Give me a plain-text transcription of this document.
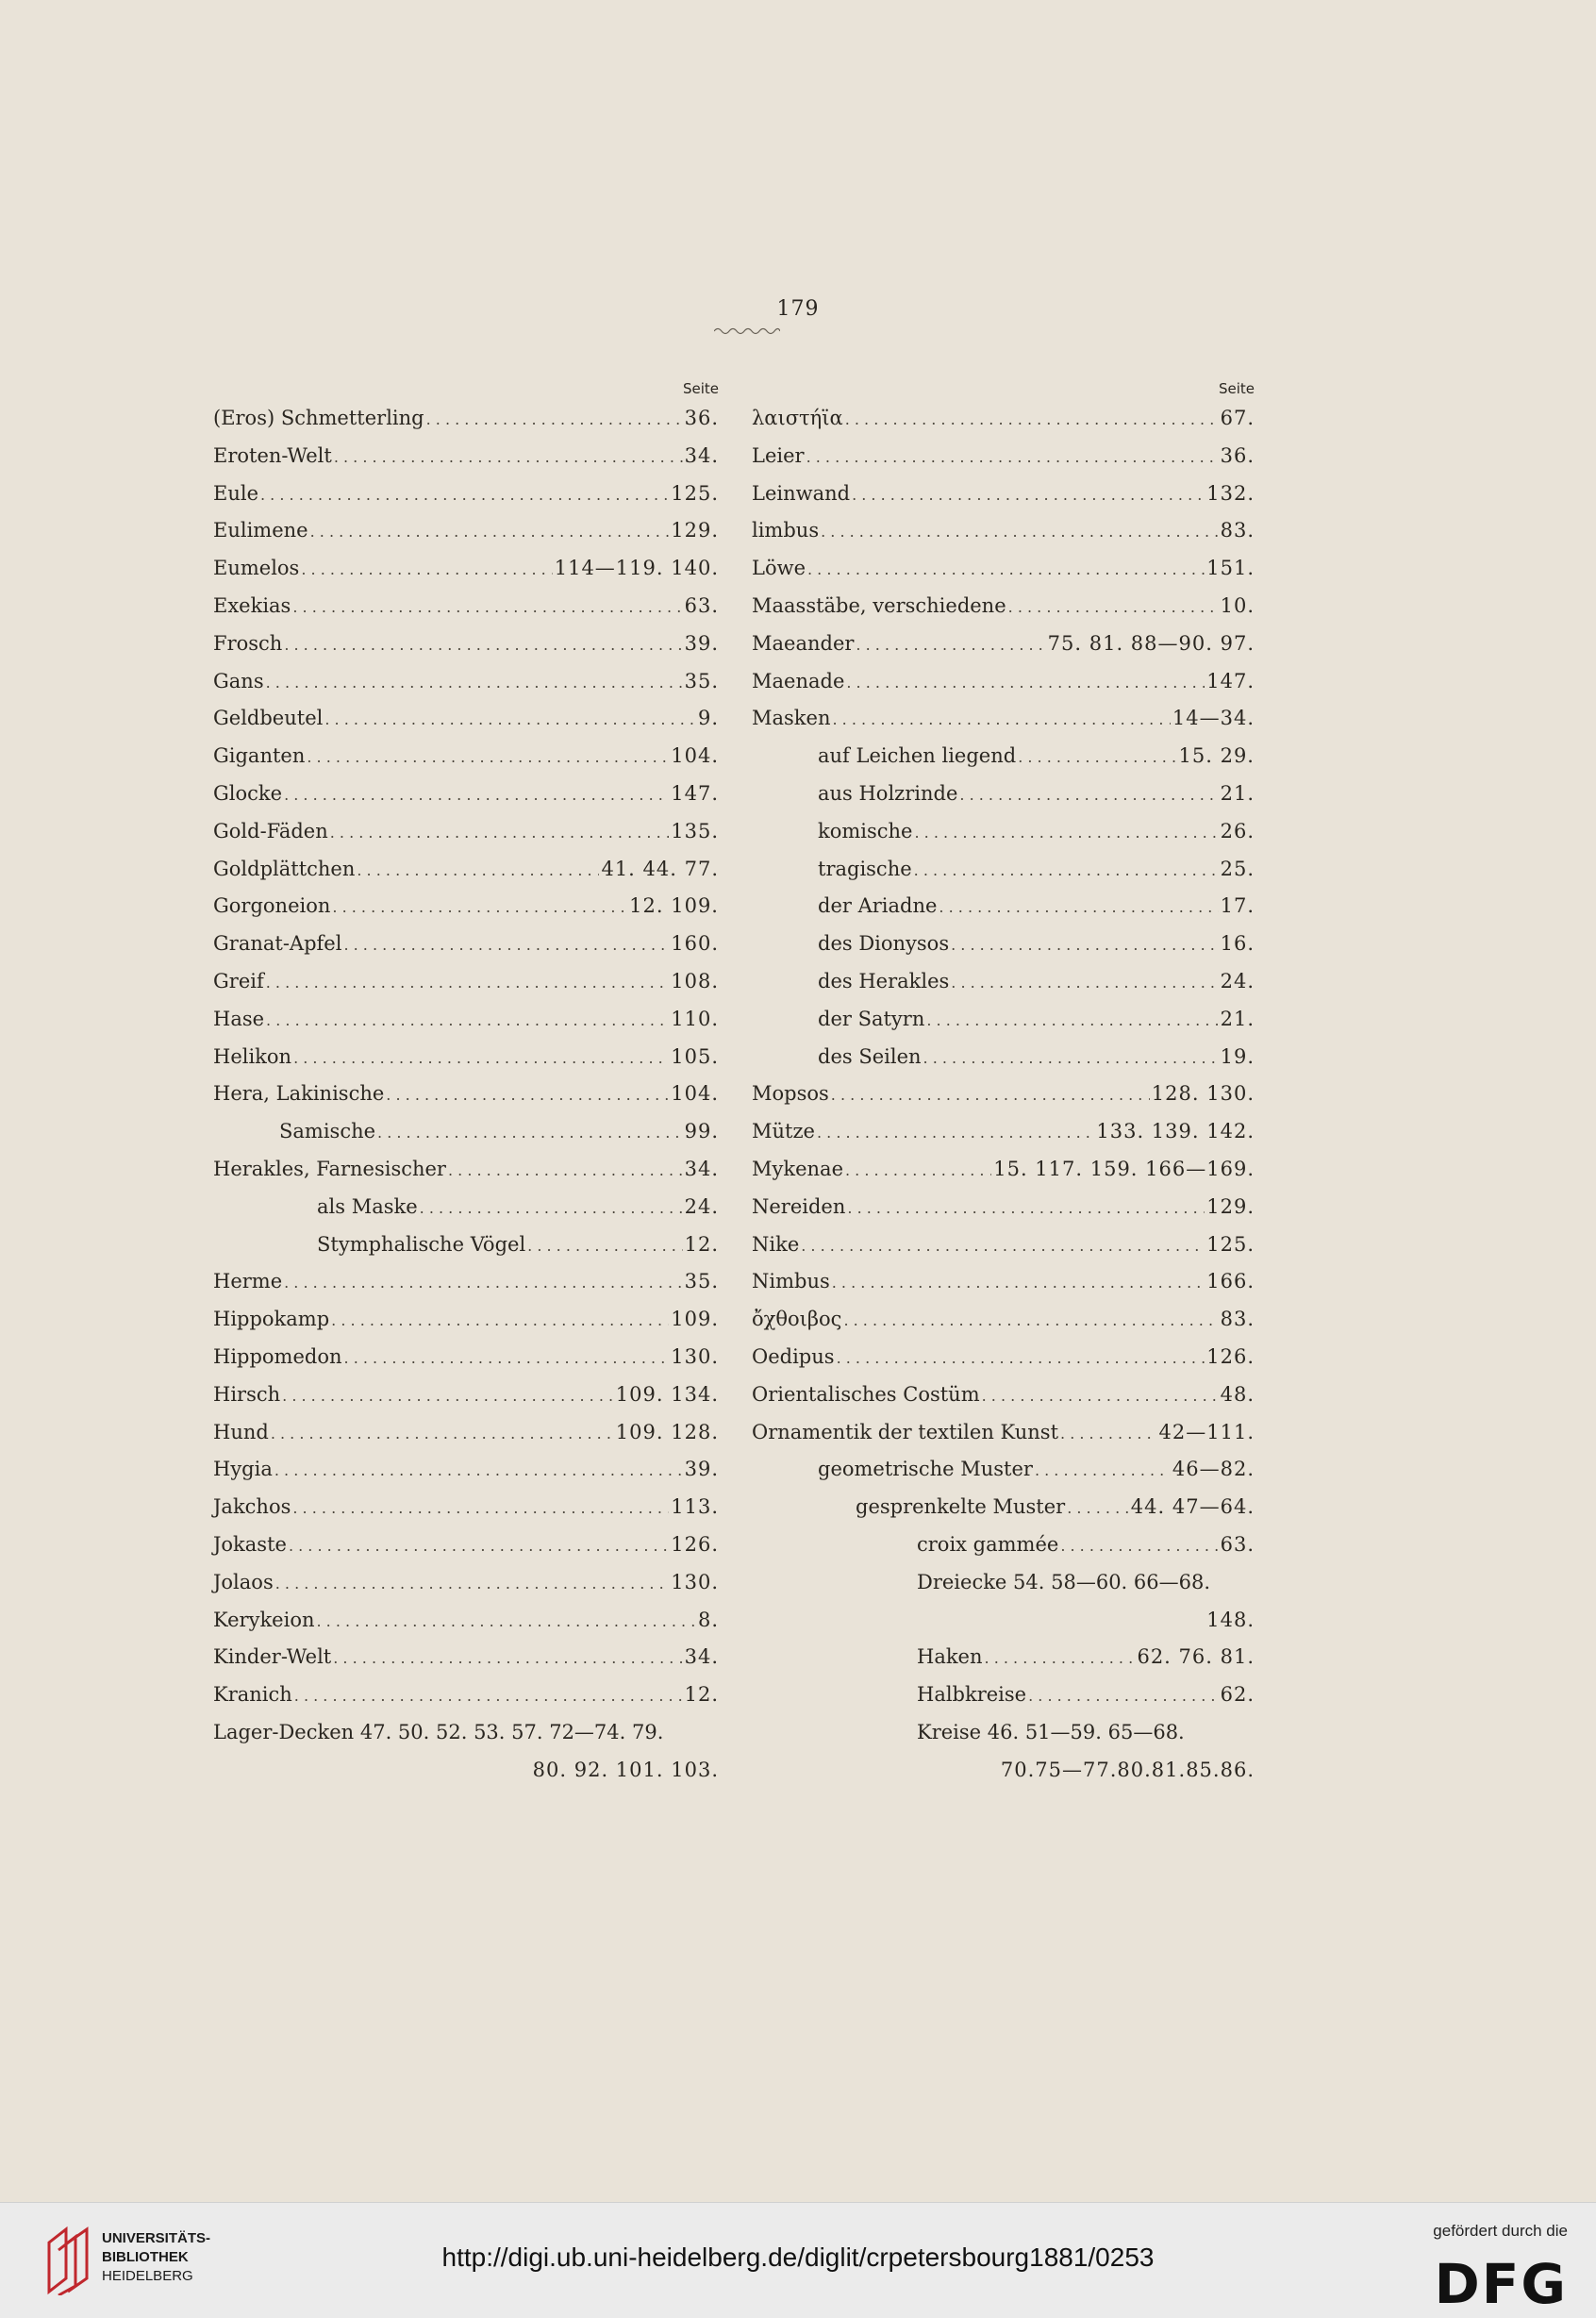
179
Seite
(Eros) Schmetterling . . .	36.
Eroten-Welt . . .	34.
Eule . . .	125.
Eulimene . . .	129.
Eumelos . . .	114—119. 140.
Exekias . . .	63.
Frosch . . .	39.
Gans . . .	35.
Geldbeutel . . .	9.
Giganten . . .	104.
Glocke . . .	147.
Gold-Fäden . . .	135.
Goldplättchen . . .	41. 44. 77.
Gorgoneion . . .	12. 109.
Granat-Apfel . . .	160.
Greif . . .	108.
Hase . . .	110.
Helikon . . .	105.
Hera, Lakinische . . .	104.
Samische . . .	99.
Herakles, Farnesischer . . .	34.
als Maske . . .	24.
Stymphalische Vögel . . .	12.
Herme . . .	35.
Hippokamp . . .	109.
Hippomedon . . .	130.
Hirsch . . .	109. 134.
Hund . . .	109. 128.
Hygia . . .	39.
Jakchos . . .	113.
Jokaste . . .	126.
Jolaos . . .	130.
Kerykeion . . .	8.
Kinder-Welt . . .	34.
Kranich . . .	12.
Lager-Decken 47. 50. 52. 53. 57. 72—74. 79.
80. 92. 101. 103.
Seite
λαιστήϊα . . .	67.
Leier . . .	36.
Leinwand . . .	132.
limbus . . .	83.
Löwe . . .	151.
Maasstäbe, verschiedene . . .	10.
Maeander . . .	75. 81. 88—90. 97.
Maenade . . .	147.
Masken . . .	14—34.
auf Leichen liegend . . .	15. 29.
aus Holzrinde . . .	21.
komische . . .	26.
tragische . . .	25.
der Ariadne . . .	17.
des Dionysos . . .	16.
des Herakles . . .	24.
der Satyrn . . .	21.
des Seilen . . .	19.
Mopsos . . .	128. 130.
Mütze . . .	133. 139. 142.
Mykenae . . .	15. 117. 159. 166—169.
Nereiden . . .	129.
Nike . . .	125.
Nimbus . . .	166.
ὄχθοιβος . . .	83.
Oedipus . . .	126.
Orientalisches Costüm . . .	48.
Ornamentik der textilen Kunst . . .	42—111.
geometrische Muster . . .	46—82.
gesprenkelte Muster . . .	44. 47—64.
croix gammée . . .	63.
Dreiecke 54. 58—60. 66—68.
148.
Haken . . .	62. 76. 81.
Halbkreise . . .	62.
Kreise 46. 51—59. 65—68.
70.75—77.80.81.85.86.
UNIVERSITÄTS-
BIBLIOTHEK
HEIDELBERG
http://digi.ub.uni-heidelberg.de/diglit/crpetersbourg1881/0253
gefördert durch die
DFG
